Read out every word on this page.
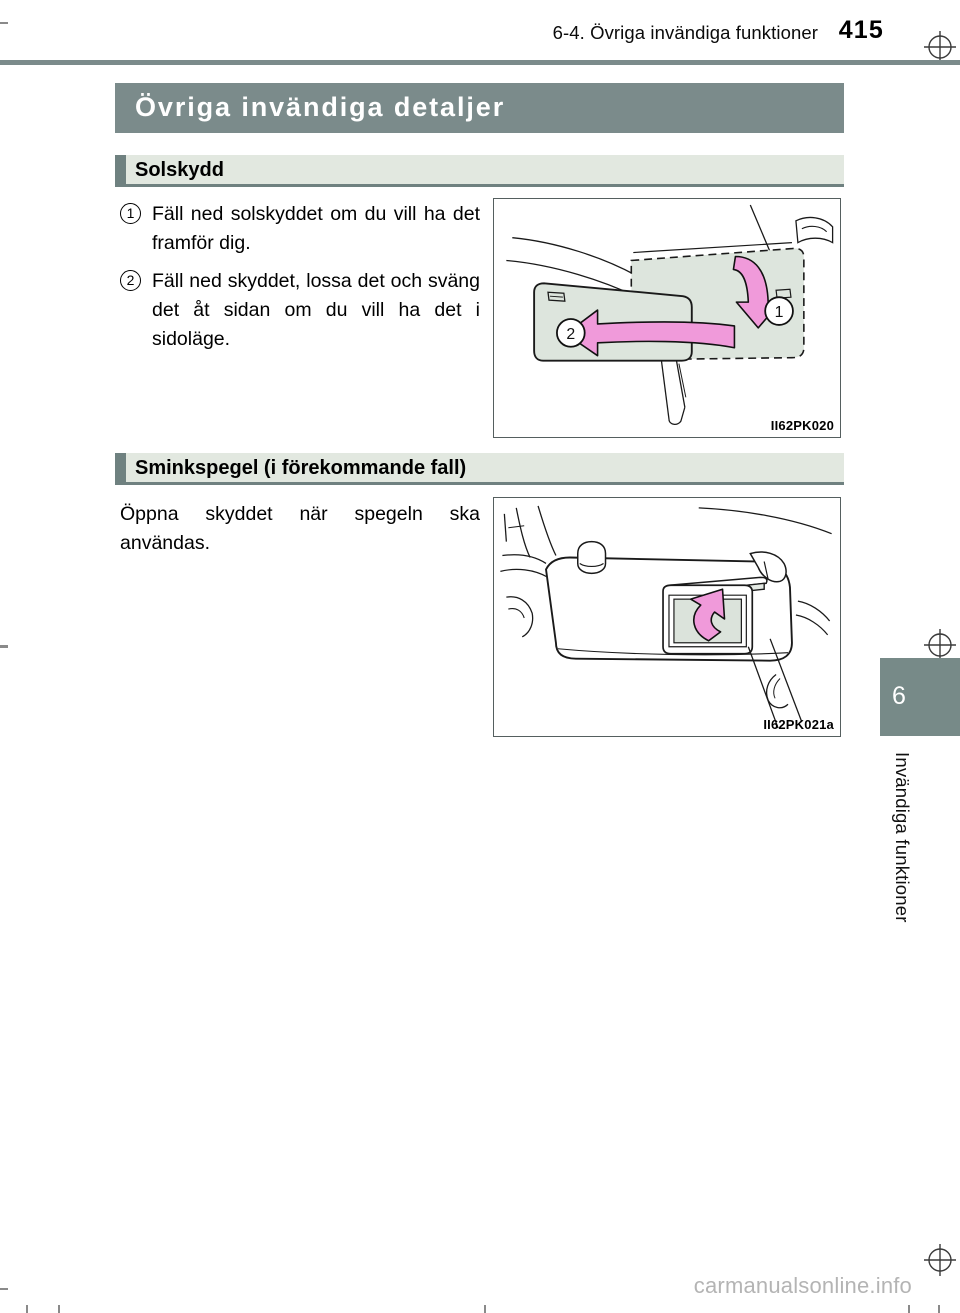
6-4. Övriga invändiga funktioner 415
6
Invändiga funktioner
Övriga invändiga detaljer
Solskydd
1 Fäll ned solskyddet om du vill ha det framför dig.
2 Fäll ned skyddet, lossa det och sväng det åt sidan om du vill ha det i sidoläge.
1
2
II62PK020
Sminkspegel (i förekommande fall)
Öppna skyddet när spegeln ska användas.
II62PK021a
carmanualsonline.info
